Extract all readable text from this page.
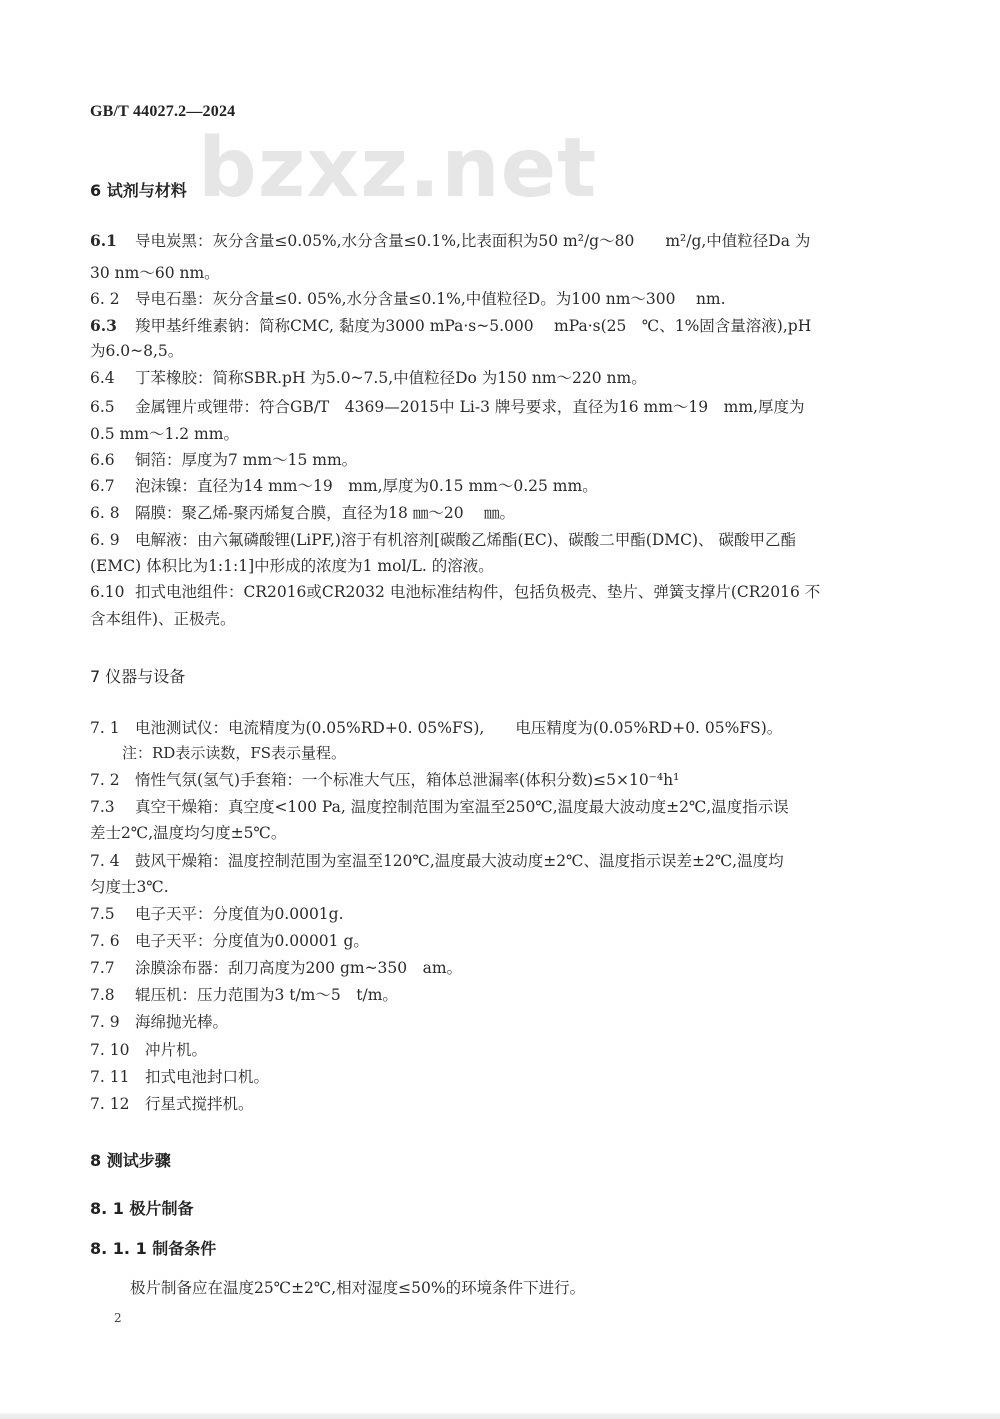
GB/T 44027.2—2024
bzxz.net
6 试剂与材料
6.1 导电炭黑：灰分含量≤0.05%,水分含量≤0.1%,比表面积为50 m²/g～80　　m²/g,中值粒径Da 为
30 nm～60 nm。
6. 2 导电石墨：灰分含量≤0. 05%,水分含量≤0.1%,中值粒径D。为100 nm～300　 nm.
6.3 羧甲基纤维素钠：简称CMC, 黏度为3000 mPa·s~5.000　 mPa·s(25　℃、1%固含量溶液),pH
为6.0~8,5。
6.4 丁苯橡胶：简称SBR.pH 为5.0~7.5,中值粒径Do 为150 nm～220 nm。
6.5 金属锂片或锂带：符合GB/T　4369—2015中 Li-3 牌号要求，直径为16 mm～19　mm,厚度为
0.5 mm～1.2 mm。
6.6 铜箔：厚度为7 mm～15 mm。
6.7 泡沫镍：直径为14 mm～19　mm,厚度为0.15 mm～0.25 mm。
6. 8 隔膜：聚乙烯-聚丙烯复合膜，直径为18 ㎜～20　 ㎜。
6. 9 电解液：由六氟磷酸锂(LiPF,)溶于有机溶剂[碳酸乙烯酯(EC)、碳酸二甲酯(DMC)、 碳酸甲乙酯
(EMC) 体积比为1:1:1]中形成的浓度为1 mol/L. 的溶液。
6.10 扣式电池组件：CR2016或CR2032 电池标准结构件，包括负极壳、垫片、弹簧支撑片(CR2016 不
含本组件)、正极壳。
7 仪器与设备
7. 1 电池测试仪：电流精度为(0.05%RD+0. 05%FS),　　电压精度为(0.05%RD+0. 05%FS)。
注：RD表示读数，FS表示量程。
7. 2 惰性气氛(氢气)手套箱：一个标准大气压，箱体总泄漏率(体积分数)≤5×10⁻⁴h¹
7.3 真空干燥箱：真空度<100 Pa, 温度控制范围为室温至250℃,温度最大波动度±2℃,温度指示误
差士2℃,温度均匀度±5℃。
7. 4 鼓风干燥箱：温度控制范围为室温至120℃,温度最大波动度±2℃、温度指示误差±2℃,温度均
匀度士3℃.
7.5 电子天平：分度值为0.0001g.
7. 6 电子天平：分度值为0.00001 g。
7.7 涂膜涂布器：刮刀高度为200 gm~350　am。
7.8 辊压机：压力范围为3 t/m～5　t/m。
7. 9 海绵抛光棒。
7. 10 冲片机。
7. 11 扣式电池封口机。
7. 12 行星式搅拌机。
8 测试步骤
8. 1 极片制备
8. 1. 1 制备条件
极片制备应在温度25℃±2℃,相对湿度≤50%的环境条件下进行。
2
